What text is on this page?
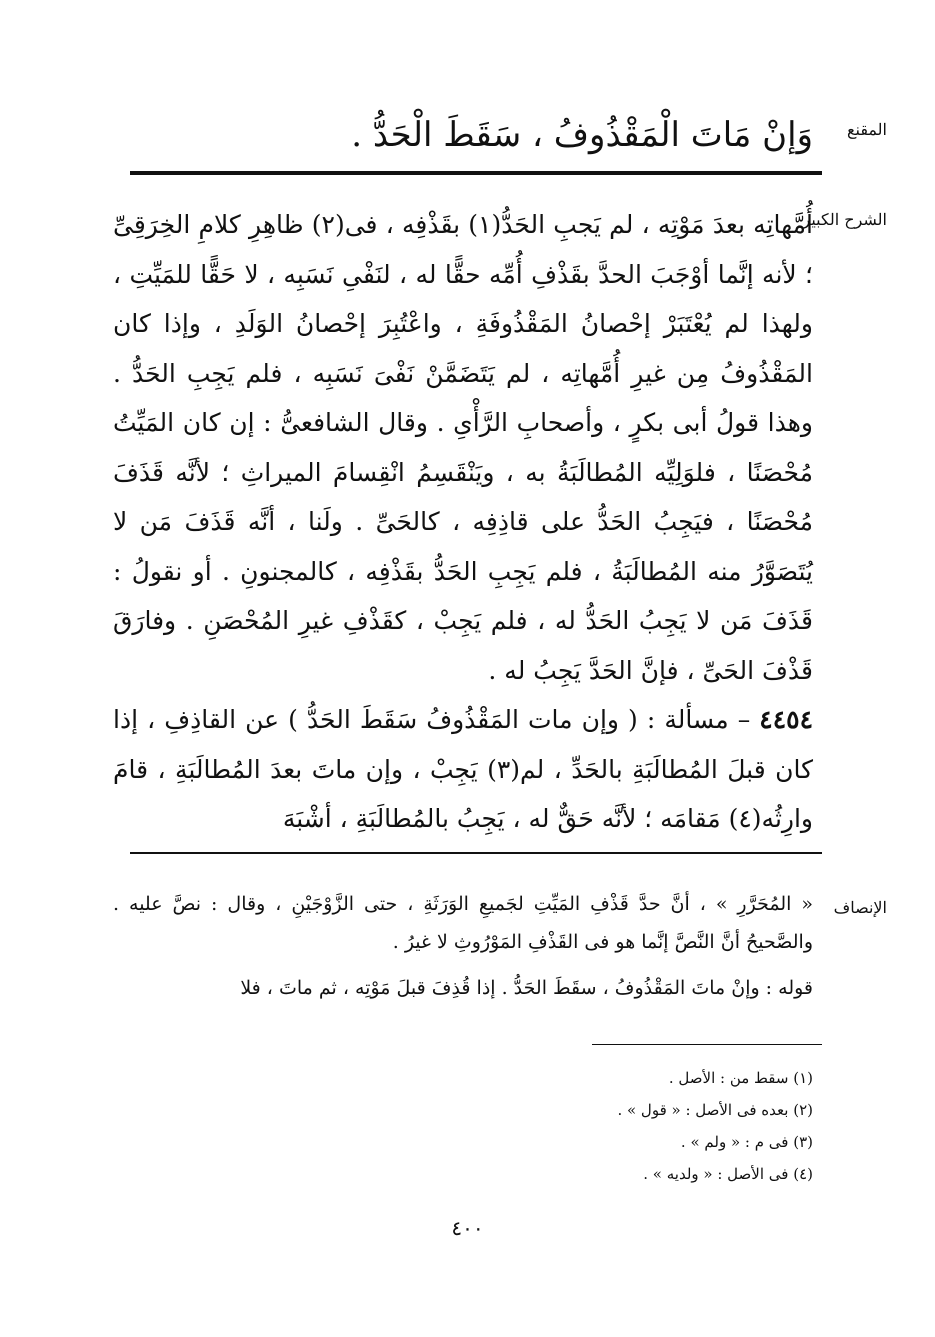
المقنع
وَإنْ مَاتَ الْمَقْذُوفُ ، سَقَطَ الْحَدُّ .
الشرح الكبير

أُمَّهاتِه بعدَ مَوْتِه ، لم يَجبِ الحَدُّ(١) بقَذْفِه ، فى(٢) ظاهِرِ كلامِ الخِرَقِىِّ ؛ لأنه إنَّما أوْجَبَ الحدَّ بقَذْفِ أُمِّه حقًّا له ، لنَفْىِ نَسَبِه ، لا حَقًّا للمَيِّتِ ، ولهذا لم يُعْتَبَرْ إحْصانُ المَقْذُوفَةِ ، واعْتُبِرَ إحْصانُ الوَلَدِ ، وإذا كان المَقْذُوفُ مِن غيرِ أُمَّهاتِه ، لم يَتَضَمَّنْ نَفْىَ نَسَبِه ، فلم يَجِبِ الحَدُّ . وهذا قولُ أبى بكرٍ ، وأصحابِ الرَّأْىِ . وقال الشافعىُّ : إن كان المَيِّتُ مُحْصَنًا ، فلوَلِيِّه المُطالَبَةُ به ، ويَنْقَسِمُ انْقِسامَ الميراثِ ؛ لأنَّه قَذَفَ مُحْصَنًا ، فيَجِبُ الحَدُّ على قاذِفِه ، كالحَىِّ . ولَنا ، أنَّه قَذَفَ مَن لا يُتَصَوَّرُ منه المُطالَبَةُ ، فلم يَجِبِ الحَدُّ بقَذْفِه ، كالمجنونِ . أو نقولُ : قَذَفَ مَن لا يَجِبُ الحَدُّ له ، فلم يَجِبْ ، كقَذْفِ غيرِ المُحْصَنِ . وفارَقَ قَذْفَ الحَىِّ ، فإنَّ الحَدَّ يَجِبُ له .

٤٤٥٤ – مسألة : ( وإن مات المَقْذُوفُ سَقَطَ الحَدُّ ) عن القاذِفِ ، إذا كان قبلَ المُطالَبَةِ بالحَدِّ ، لم(٣) يَجِبْ ، وإن ماتَ بعدَ المُطالَبَةِ ، قامَ وارِثُه(٤) مَقامَه ؛ لأنَّه حَقٌّ له ، يَجِبُ بالمُطالَبَةِ ، أشْبَهَ

الإنصاف

« المُحَرَّرِ » ، أنَّ حدَّ قَذْفِ المَيِّتِ لجَميعِ الوَرَثَةِ ، حتى الزَّوْجَيْنِ ، وقال : نصَّ عليه . والصَّحيحُ أنَّ النَّصَّ إنَّما هو فى القَذْفِ المَوْرُوثِ لا غيرُ .

قوله : وإنْ ماتَ المَقْذُوفُ ، سقَطَ الحَدُّ . إذا قُذِفَ قبلَ مَوْتِه ، ثم ماتَ ، فلا

(١) سقط من : الأصل .
(٢) بعده فى الأصل : « قول » .
(٣) فى م : « ولم » .
(٤) فى الأصل : « ولديه » .
٤٠٠
